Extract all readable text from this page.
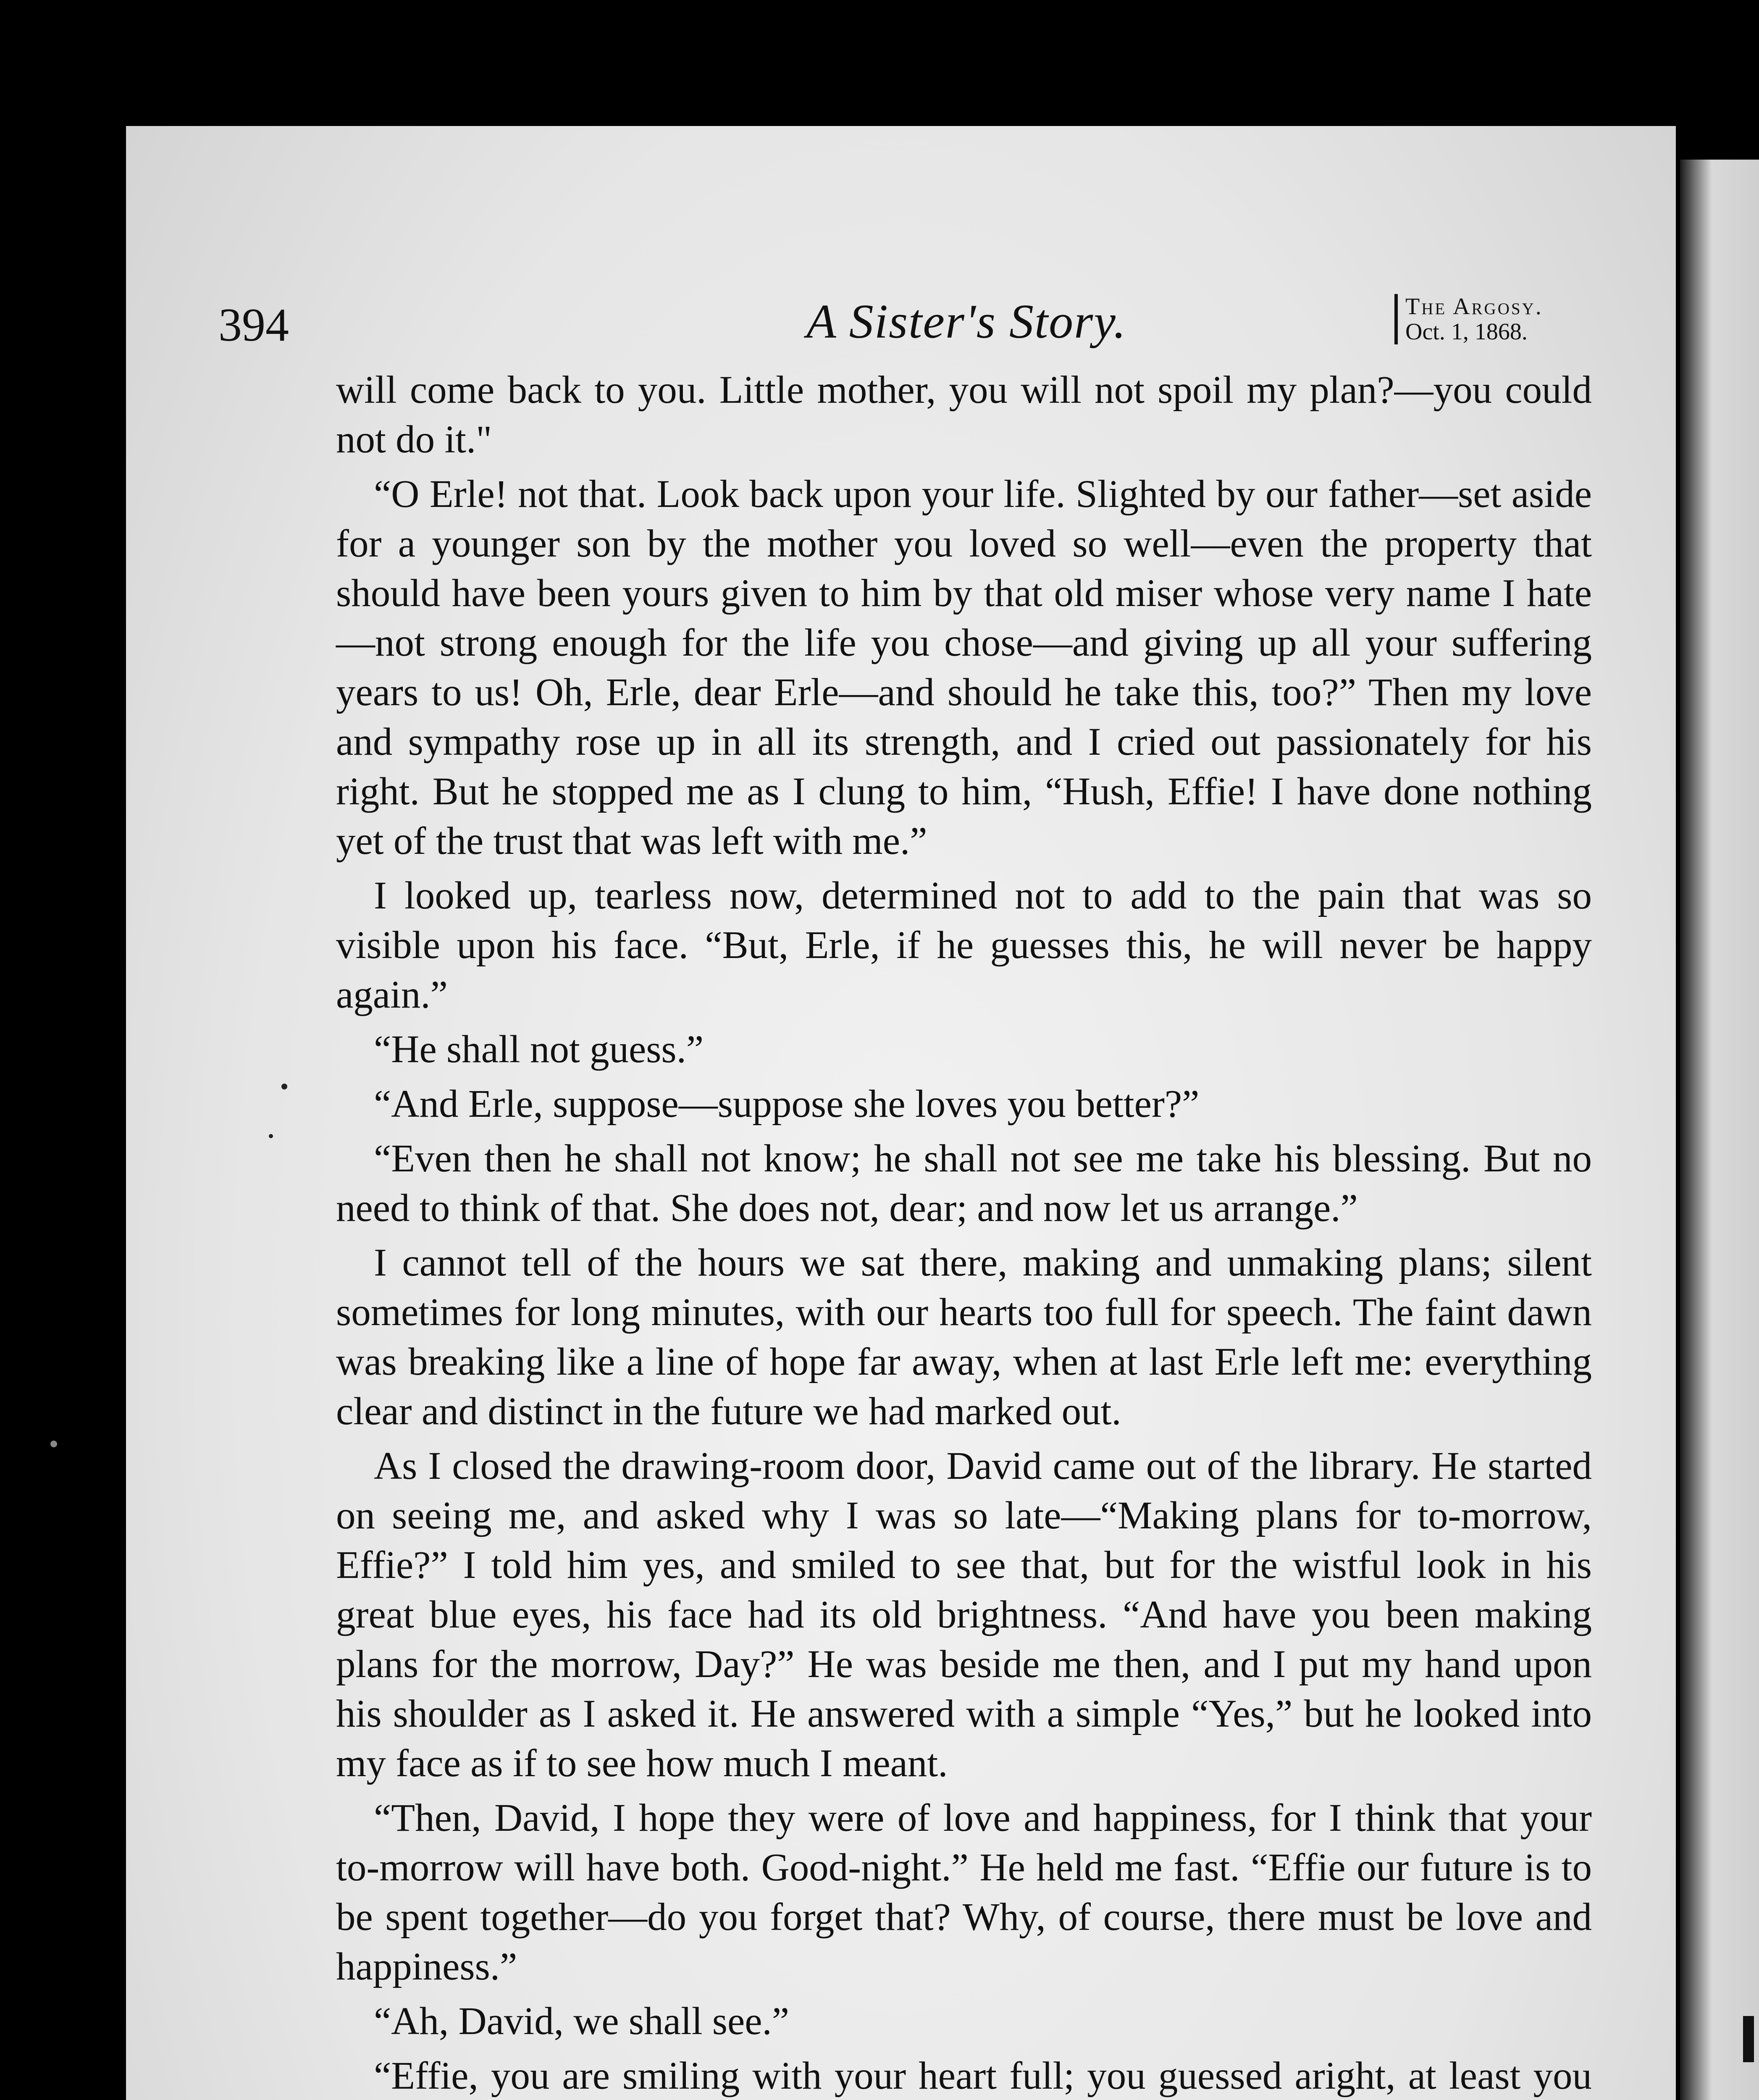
394	A Sister's Story.	The Argosy.
Oct. 1, 1868.

will come back to you. Little mother, you will not spoil my plan?—you could not do it."

“O Erle! not that. Look back upon your life. Slighted by our father—set aside for a younger son by the mother you loved so well—even the property that should have been yours given to him by that old miser whose very name I hate—not strong enough for the life you chose—and giving up all your suffering years to us! Oh, Erle, dear Erle—and should he take this, too?” Then my love and sympathy rose up in all its strength, and I cried out passionately for his right. But he stopped me as I clung to him, “Hush, Effie! I have done nothing yet of the trust that was left with me.”

I looked up, tearless now, determined not to add to the pain that was so visible upon his face. “But, Erle, if he guesses this, he will never be happy again.”

“He shall not guess.”

“And Erle, suppose—suppose she loves you better?”

“Even then he shall not know; he shall not see me take his blessing. But no need to think of that. She does not, dear; and now let us arrange.”

I cannot tell of the hours we sat there, making and unmaking plans; silent sometimes for long minutes, with our hearts too full for speech. The faint dawn was breaking like a line of hope far away, when at last Erle left me: everything clear and distinct in the future we had marked out.

As I closed the drawing-room door, David came out of the library. He started on seeing me, and asked why I was so late—“Making plans for to-morrow, Effie?” I told him yes, and smiled to see that, but for the wistful look in his great blue eyes, his face had its old brightness. “And have you been making plans for the morrow, Day?” He was beside me then, and I put my hand upon his shoulder as I asked it. He answered with a simple “Yes,” but he looked into my face as if to see how much I meant.

“Then, David, I hope they were of love and happiness, for I think that your to-morrow will have both. Good-night.” He held me fast. “Effie our future is to be spent together—do you forget that? Why, of course, there must be love and happiness.”

“Ah, David, we shall see.”

“Effie, you are smiling with your heart full; you guessed aright, at least you
